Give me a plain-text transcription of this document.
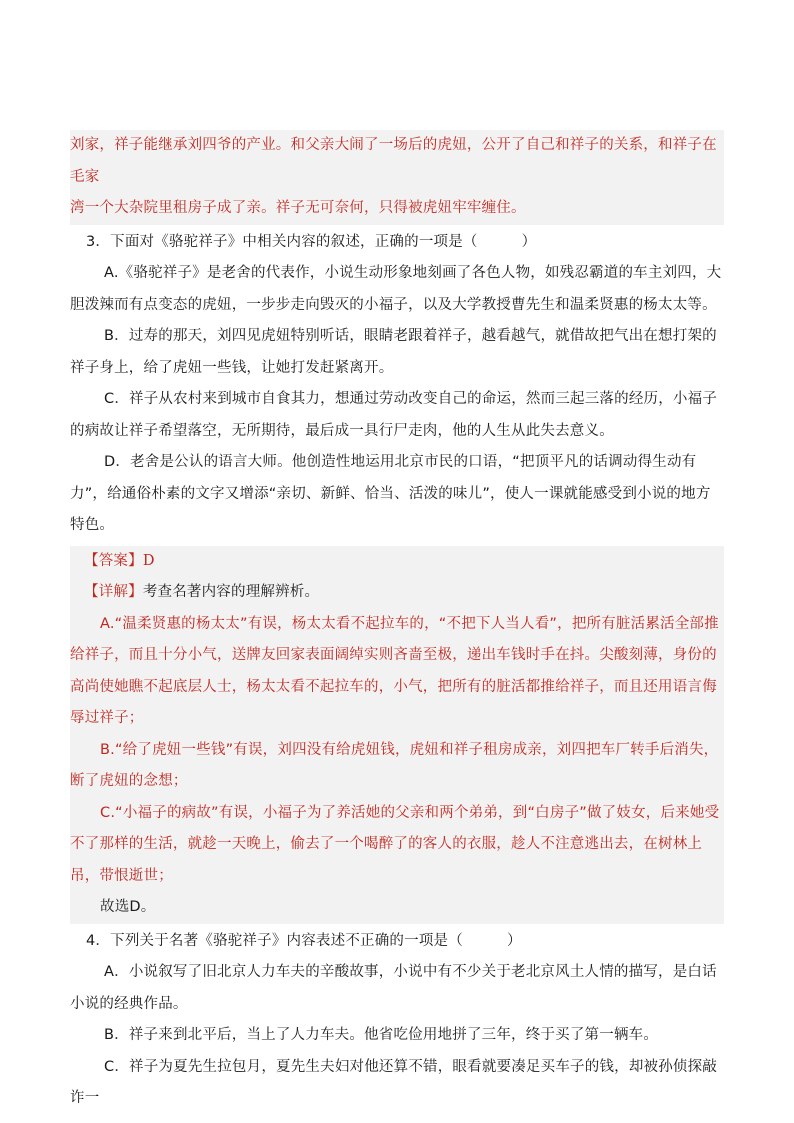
刘家，祥子能继承刘四爷的产业。和父亲大闹了一场后的虎妞，公开了自己和祥子的关系，和祥子在毛家

湾一个大杂院里租房子成了亲。祥子无可奈何，只得被虎妞牢牢缠住。

3．下面对《骆驼祥子》中相关内容的叙述，正确的一项是（	）

A.《骆驼祥子》是老舍的代表作，小说生动形象地刻画了各色人物，如残忍霸道的车主刘四，大胆泼辣而有点变态的虎妞，一步步走向毁灭的小福子，以及大学教授曹先生和温柔贤惠的杨太太等。

B．过寿的那天，刘四见虎妞特别听话，眼睛老跟着祥子，越看越气，就借故把气出在想打架的祥子身上，给了虎妞一些钱，让她打发赶紧离开。

C．祥子从农村来到城市自食其力，想通过劳动改变自己的命运，然而三起三落的经历，小福子的病故让祥子希望落空，无所期待，最后成一具行尸走肉，他的人生从此失去意义。

D．老舍是公认的语言大师。他创造性地运用北京市民的口语，“把顶平凡的话调动得生动有力”，给通俗朴素的文字又增添“亲切、新鲜、恰当、活泼的味儿”，使人一课就能感受到小说的地方特色。

【答案】D

【详解】考查名著内容的理解辨析。

A.“温柔贤惠的杨太太”有误，杨太太看不起拉车的，“不把下人当人看”，把所有脏活累活全部推给祥子，而且十分小气，送牌友回家表面阔绰实则吝啬至极，递出车钱时手在抖。尖酸刻薄，身份的高尚使她瞧不起底层人士，杨太太看不起拉车的，小气，把所有的脏活都推给祥子，而且还用语言侮辱过祥子；

B.“给了虎妞一些钱”有误，刘四没有给虎妞钱，虎妞和祥子租房成亲，刘四把车厂转手后消失，断了虎妞的念想；

C.“小福子的病故”有误，小福子为了养活她的父亲和两个弟弟，到“白房子”做了妓女，后来她受不了那样的生活，就趁一天晚上，偷去了一个喝醉了的客人的衣服，趁人不注意逃出去，在树林上吊，带恨逝世；

故选D。

4．下列关于名著《骆驼祥子》内容表述不正确的一项是（	）

A．小说叙写了旧北京人力车夫的辛酸故事，小说中有不少关于老北京风土人情的描写，是白话小说的经典作品。

B．祥子来到北平后，当上了人力车夫。他省吃俭用地拼了三年，终于买了第一辆车。

C．祥子为夏先生拉包月，夏先生夫妇对他还算不错，眼看就要凑足买车子的钱，却被孙侦探敲诈一
